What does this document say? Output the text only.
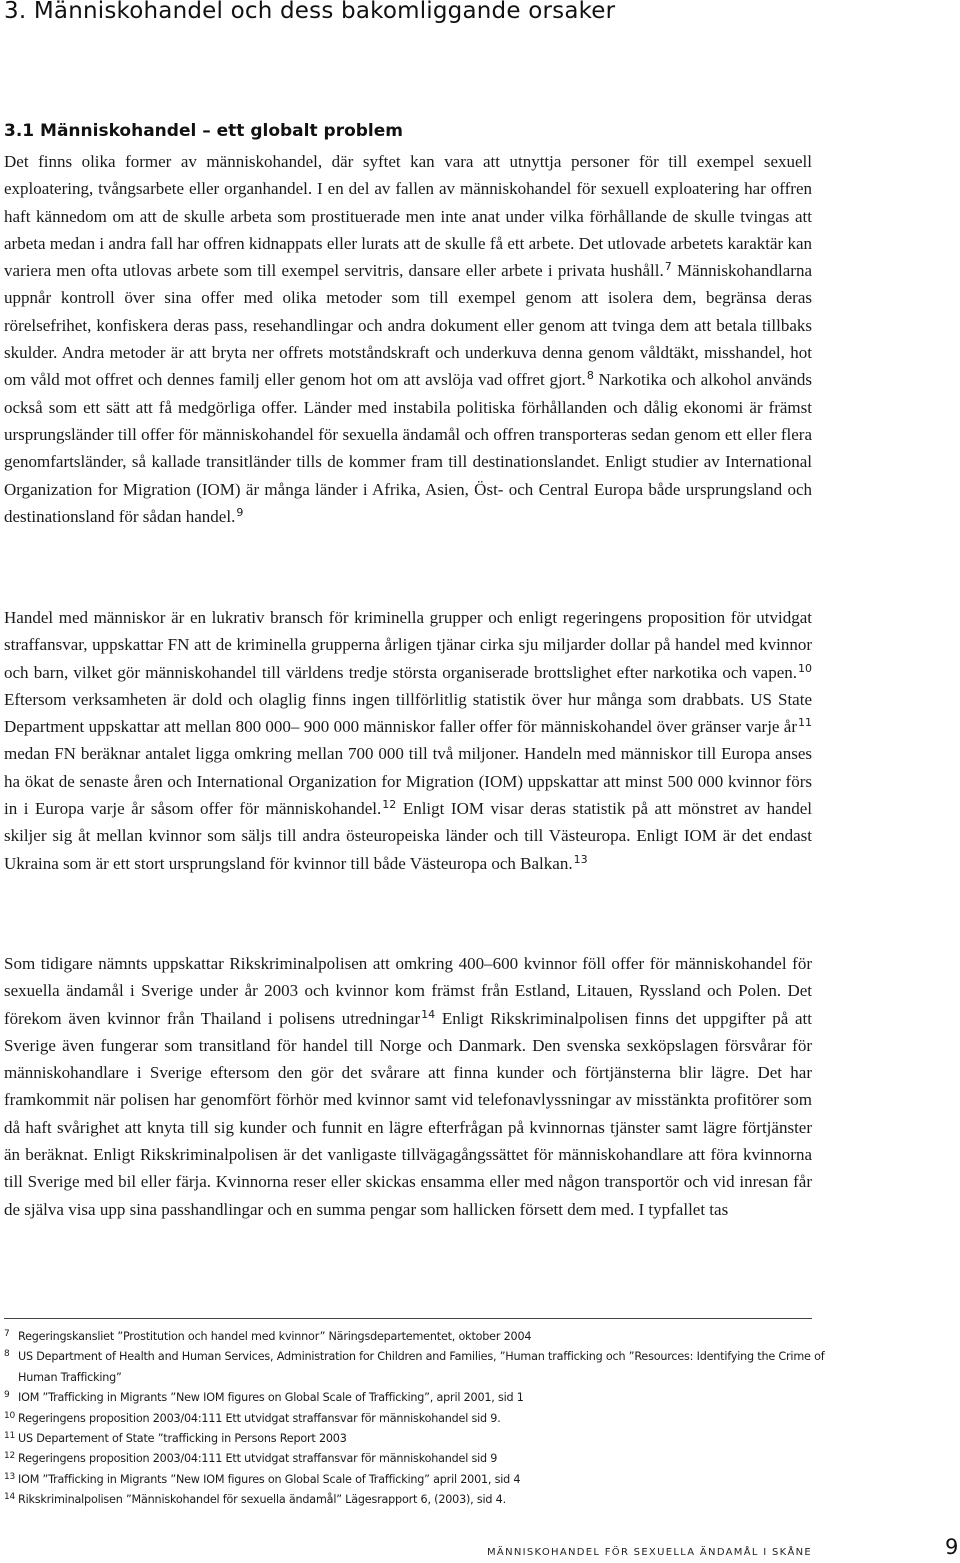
3. Människohandel och dess bakomliggande orsaker
3.1 Människohandel – ett globalt problem

Det finns olika former av människohandel, där syftet kan vara att utnyttja personer för till exempel sexuell exploatering, tvångsarbete eller organhandel. I en del av fallen av människohandel för sexuell exploatering har offren haft kännedom om att de skulle arbeta som prostituerade men inte anat under vilka förhållande de skulle tvingas att arbeta medan i andra fall har offren kidnappats eller lurats att de skulle få ett arbete. Det utlovade arbetets karaktär kan variera men ofta utlovas arbete som till exempel servitris, dansare eller arbete i privata hushåll.$^7$ Människohandlarna uppnår kontroll över sina offer med olika metoder som till exempel genom att isolera dem, begränsa deras rörelsefrihet, konfiskera deras pass, resehandlingar och andra dokument eller genom att tvinga dem att betala tillbaks skulder. Andra metoder är att bryta ner offrets motståndskraft och underkuva denna genom våldtäkt, misshandel, hot om våld mot offret och dennes familj eller genom hot om att avslöja vad offret gjort.$^8$ Narkotika och alkohol används också som ett sätt att få medgörliga offer. Länder med instabila politiska förhållanden och dålig ekonomi är främst ursprungsländer till offer för människohandel för sexuella ändamål och offren transporteras sedan genom ett eller flera genomfartsländer, så kallade transitländer tills de kommer fram till destinationslandet. Enligt studier av International Organization for Migration (IOM) är många länder i Afrika, Asien, Öst- och Central Europa både ursprungsland och destinationsland för sådan handel.$^9$

Handel med människor är en lukrativ bransch för kriminella grupper och enligt regeringens proposition för utvidgat straffansvar, uppskattar FN att de kriminella grupperna årligen tjänar cirka sju miljarder dollar på handel med kvinnor och barn, vilket gör människohandel till världens tredje största organiserade brottslighet efter narkotika och vapen.$^{10}$ Eftersom verksamheten är dold och olaglig finns ingen tillförlitlig statistik över hur många som drabbats. US State Department uppskattar att mellan 800 000– 900 000 människor faller offer för människohandel över gränser varje $år^{11}$ medan FN beräknar antalet ligga omkring mellan 700 000 till två miljoner. Handeln med människor till Europa anses ha ökat de senaste åren och International Organization for Migration (IOM) uppskattar att minst 500 000 kvinnor förs in i Europa varje år såsom offer för människohandel.$^{12}$ Enligt IOM visar deras statistik på att mönstret av handel skiljer sig åt mellan kvinnor som säljs till andra östeuropeiska länder och till Västeuropa. Enligt IOM är det endast Ukraina som är ett stort ursprungsland för kvinnor till både Västeuropa och Balkan.$^{13}$

Som tidigare nämnts uppskattar Rikskriminalpolisen att omkring 400–600 kvinnor föll offer för människohandel för sexuella ändamål i Sverige under år 2003 och kvinnor kom främst från Estland, Litauen, Ryssland och Polen. Det förekom även kvinnor från Thailand i polisens utredningar$^{14}$ Enligt Rikskriminalpolisen finns det uppgifter på att Sverige även fungerar som transitland för handel till Norge och Danmark. Den svenska sexköpslagen försvårar för människohandlare i Sverige eftersom den gör det svårare att finna kunder och förtjänsterna blir lägre. Det har framkommit när polisen har genomfört förhör med kvinnor samt vid telefonavlyssningar av misstänkta profitörer som då haft svårighet att knyta till sig kunder och funnit en lägre efterfrågan på kvinnornas tjänster samt lägre förtjänster än beräknat. Enligt Rikskriminalpolisen är det vanligaste tillvägagångssättet för människohandlare att föra kvinnorna till Sverige med bil eller färja. Kvinnorna reser eller skickas ensamma eller med någon transportör och vid inresan får de själva visa upp sina passhandlingar och en summa pengar som hallicken försett dem med. I typfallet tas

7 Regeringskansliet ”Prostitution och handel med kvinnor” Näringsdepartementet, oktober 2004
8 US Department of Health and Human Services, Administration for Children and Families, ”Human trafficking och ”Resources: Identifying the Crime of Human Trafficking”
9 IOM ”Trafficking in Migrants ”New IOM figures on Global Scale of Trafficking”, april 2001, sid 1
10 Regeringens proposition 2003/04:111 Ett utvidgat straffansvar för människohandel sid 9.
11 US Departement of State ”trafficking in Persons Report 2003
12 Regeringens proposition 2003/04:111 Ett utvidgat straffansvar för människohandel sid 9
13 IOM ”Trafficking in Migrants ”New IOM figures on Global Scale of Trafficking” april 2001, sid 4
14 Rikskriminalpolisen ”Människohandel för sexuella ändamål” Lägesrapport 6, (2003), sid 4.
MÄNNISKOHANDEL FÖR SEXUELLA ÄNDAMÅL I SKÅNE	9
